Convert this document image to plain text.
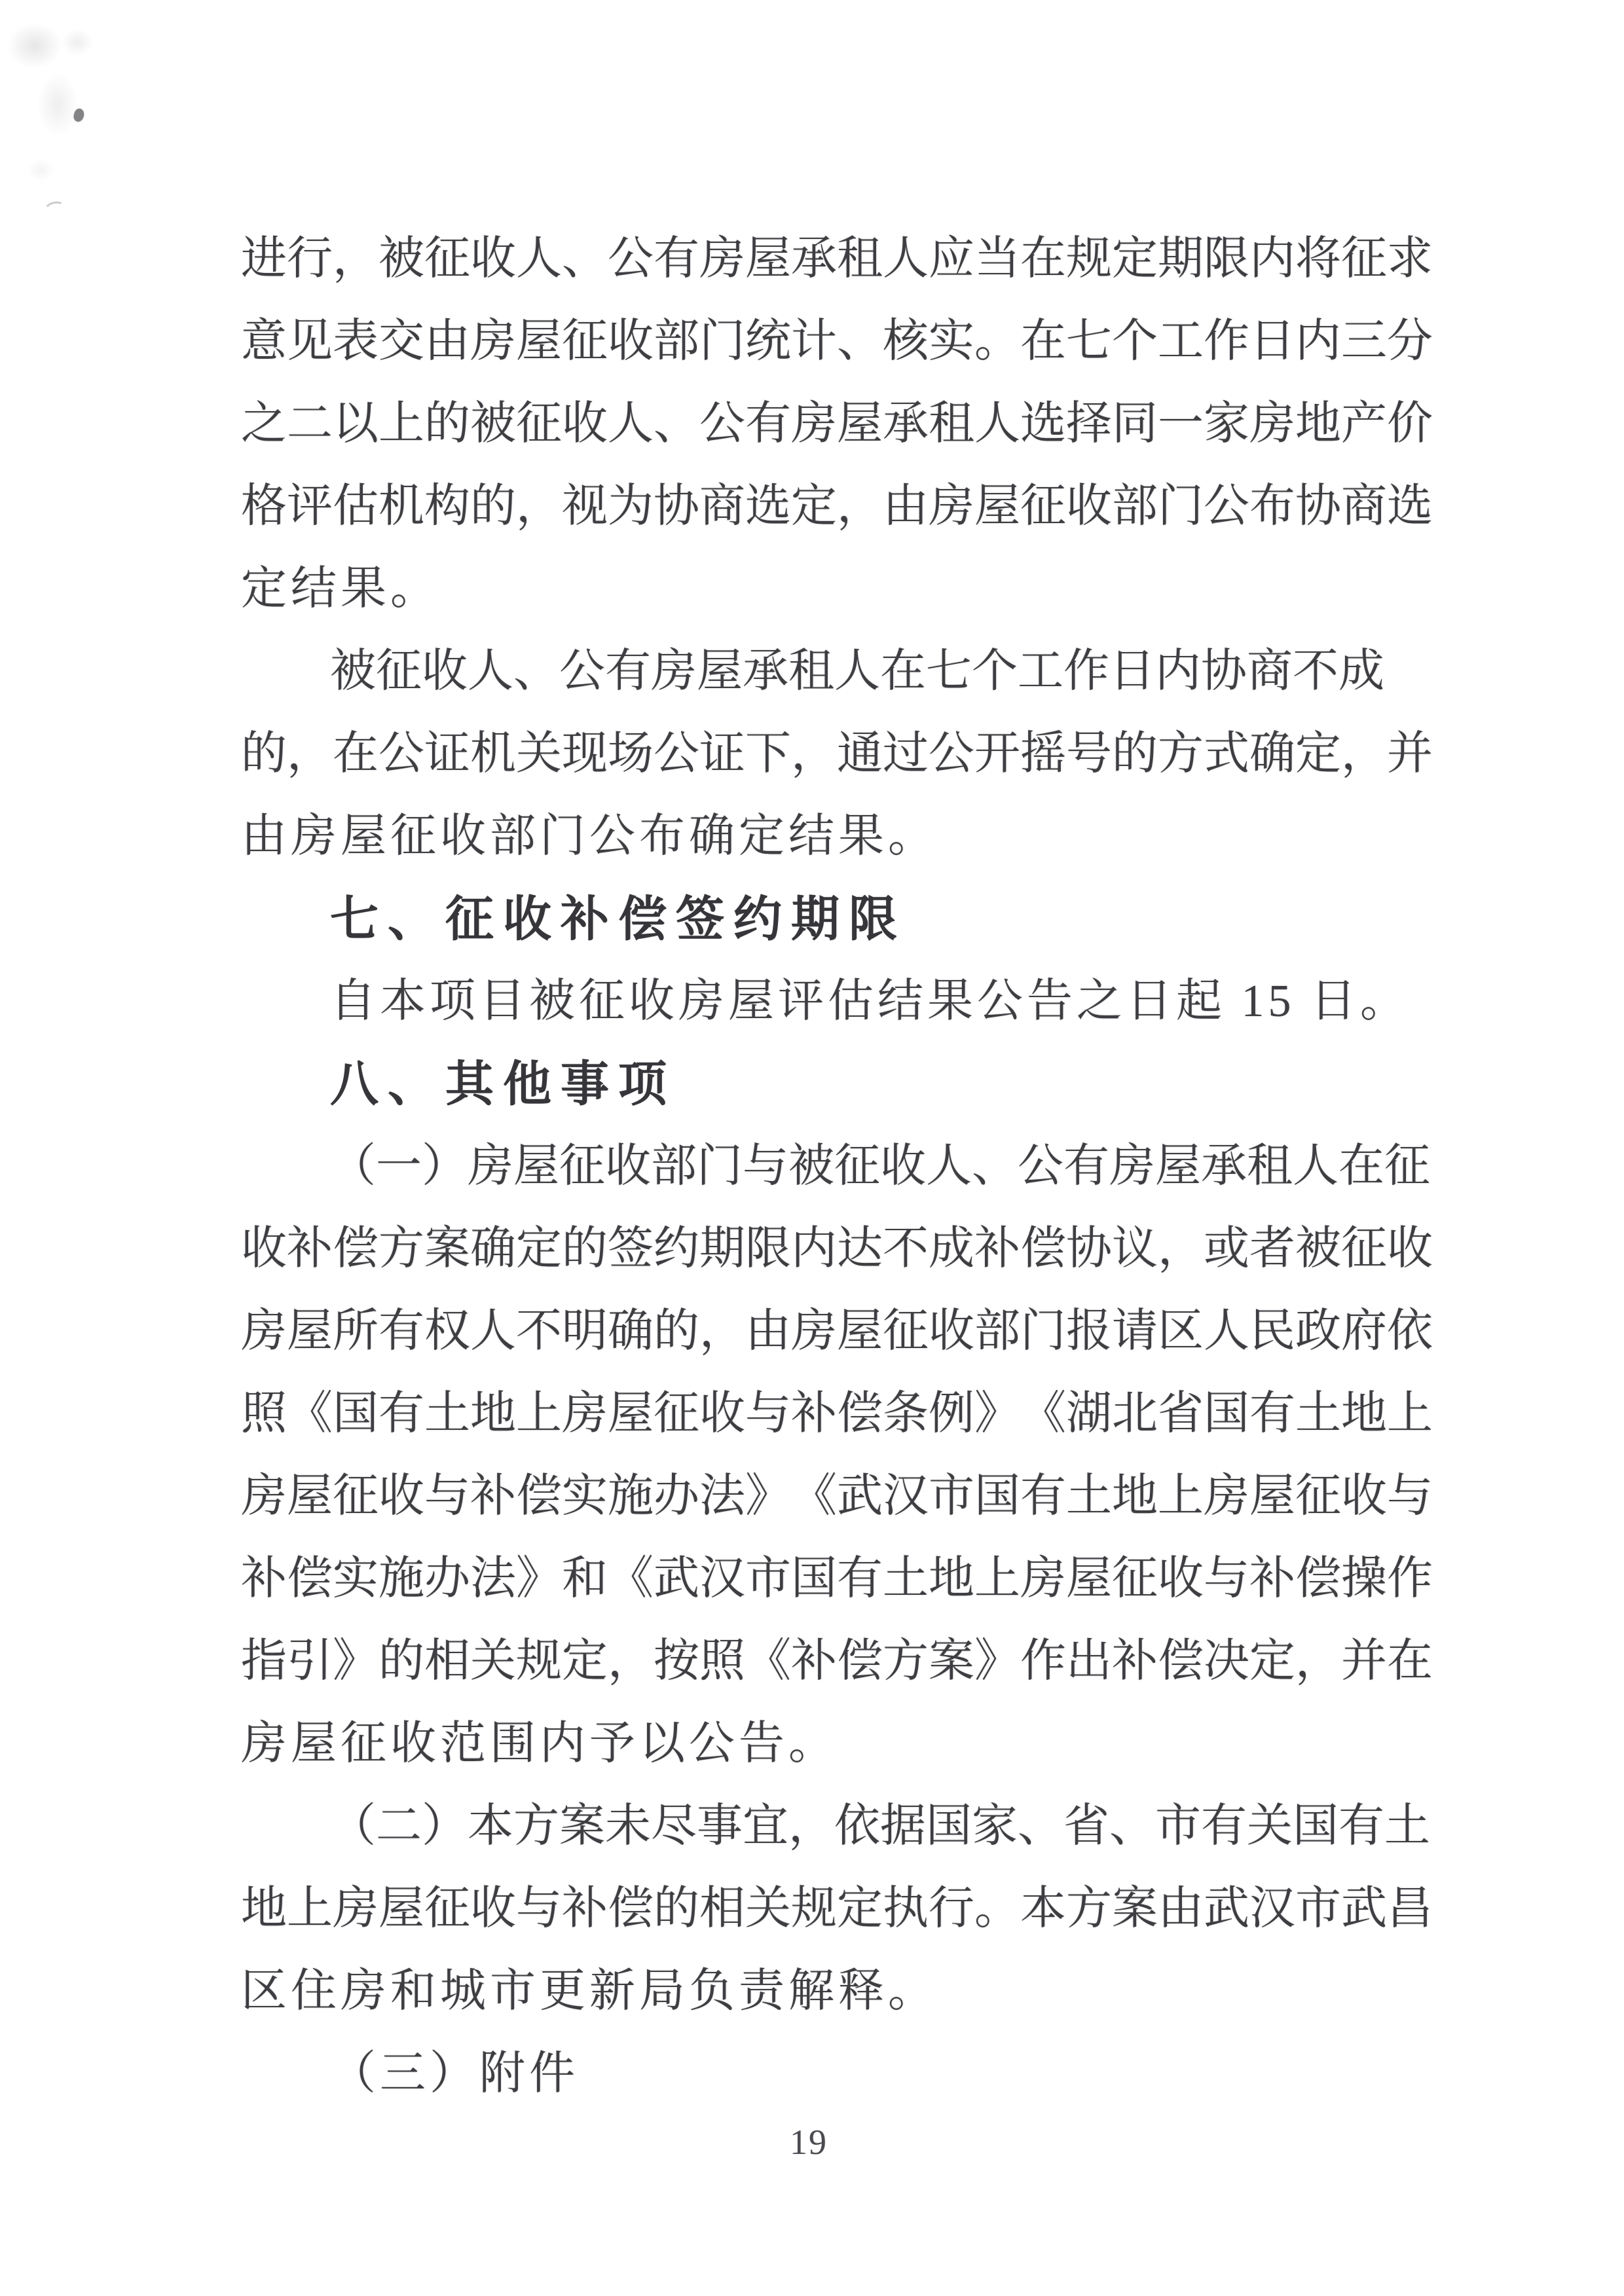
进 行 ， 被 征 收 人 、 公 有 房 屋 承 租 人 应 当 在 规 定 期 限 内 将 征 求
意 见 表 交 由 房 屋 征 收 部 门 统 计 、 核 实 。 在 七 个 工 作 日 内 三 分
之 二 以 上 的 被 征 收 人 、 公 有 房 屋 承 租 人 选 择 同 一 家 房 地 产 价
格 评 估 机 构 的 ， 视 为 协 商 选 定 ， 由 房 屋 征 收 部 门 公 布 协 商 选
定结果。
被 征 收 人 、 公 有 房 屋 承 租 人 在 七 个 工 作 日 内 协 商 不 成
的 ， 在 公 证 机 关 现 场 公 证 下 ， 通 过 公 开 摇 号 的 方 式 确 定 ， 并
由房屋征收部门公布确定结果。
七、征收补偿签约期限
自本项目被征收房屋评估结果公告之日起 15 日。
八、其他事项
（ 一 ） 房 屋 征 收 部 门 与 被 征 收 人 、 公 有 房 屋 承 租 人 在 征
收 补 偿 方 案 确 定 的 签 约 期 限 内 达 不 成 补 偿 协 议 ， 或 者 被 征 收
房 屋 所 有 权 人 不 明 确 的 ， 由 房 屋 征 收 部 门 报 请 区 人 民 政 府 依
照 《 国 有 土 地 上 房 屋 征 收 与 补 偿 条 例 》 《 湖 北 省 国 有 土 地 上
房 屋 征 收 与 补 偿 实 施 办 法 》 《 武 汉 市 国 有 土 地 上 房 屋 征 收 与
补 偿 实 施 办 法 》 和 《 武 汉 市 国 有 土 地 上 房 屋 征 收 与 补 偿 操 作
指 引 》 的 相 关 规 定 ， 按 照 《 补 偿 方 案 》 作 出 补 偿 决 定 ， 并 在
房屋征收范围内予以公告。
（ 二 ） 本 方 案 未 尽 事 宜 ， 依 据 国 家 、 省 、 市 有 关 国 有 土
地 上 房 屋 征 收 与 补 偿 的 相 关 规 定 执 行 。 本 方 案 由 武 汉 市 武 昌
区住房和城市更新局负责解释。
（三）附件
19
